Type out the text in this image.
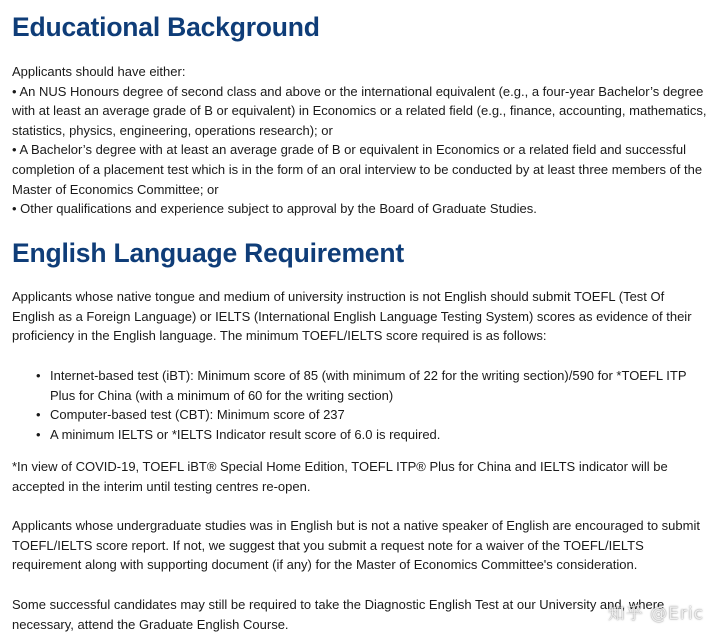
Educational Background
Applicants should have either:
• An NUS Honours degree of second class and above or the international equivalent (e.g., a four-year Bachelor’s degree with at least an average grade of B or equivalent) in Economics or a related field (e.g., finance, accounting, mathematics, statistics, physics, engineering, operations research); or
• A Bachelor’s degree with at least an average grade of B or equivalent in Economics or a related field and successful completion of a placement test which is in the form of an oral interview to be conducted by at least three members of the Master of Economics Committee; or
• Other qualifications and experience subject to approval by the Board of Graduate Studies.
English Language Requirement

Applicants whose native tongue and medium of university instruction is not English should submit TOEFL (Test Of English as a Foreign Language) or IELTS (International English Language Testing System) scores as evidence of their proficiency in the English language. The minimum TOEFL/IELTS score required is as follows:

• Internet-based test (iBT): Minimum score of 85 (with minimum of 22 for the writing section)/590 for *TOEFL ITP Plus for China (with a minimum of 60 for the writing section)
• Computer-based test (CBT): Minimum score of 237
• A minimum IELTS or *IELTS Indicator result score of 6.0 is required.

*In view of COVID-19, TOEFL iBT® Special Home Edition, TOEFL ITP® Plus for China and IELTS indicator will be accepted in the interim until testing centres re-open.

Applicants whose undergraduate studies was in English but is not a native speaker of English are encouraged to submit TOEFL/IELTS score report. If not, we suggest that you submit a request note for a waiver of the TOEFL/IELTS requirement along with supporting document (if any) for the Master of Economics Committee's consideration.

Some successful candidates may still be required to take the Diagnostic English Test at our University and, where necessary, attend the Graduate English Course.

知乎 @Eric
